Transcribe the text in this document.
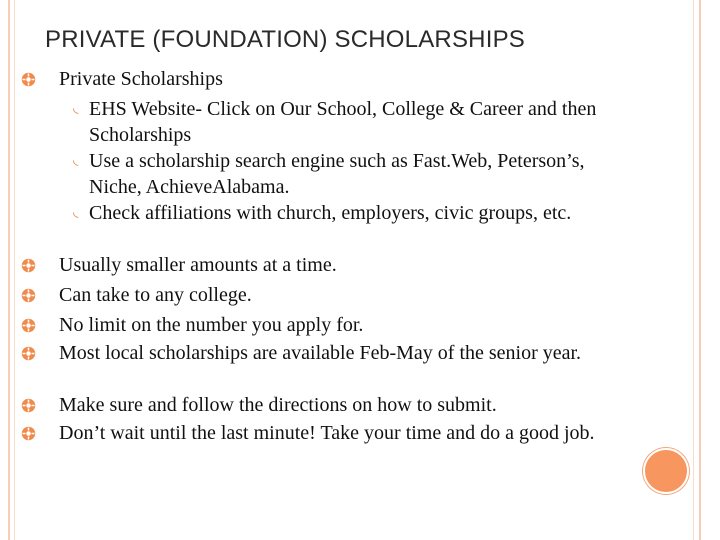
PRIVATE (FOUNDATION) SCHOLARSHIPS
Private Scholarships
◟ EHS Website- Click on Our School, College & Career and then Scholarships
◟ Use a scholarship search engine such as Fast.Web, Peterson’s, Niche, AchieveAlabama.
◟ Check affiliations with church, employers, civic groups, etc.
Usually smaller amounts at a time.
Can take to any college.
No limit on the number you apply for.
Most local scholarships are available Feb-May of the senior year.
Make sure and follow the directions on how to submit.
Don’t wait until the last minute! Take your time and do a good job.
